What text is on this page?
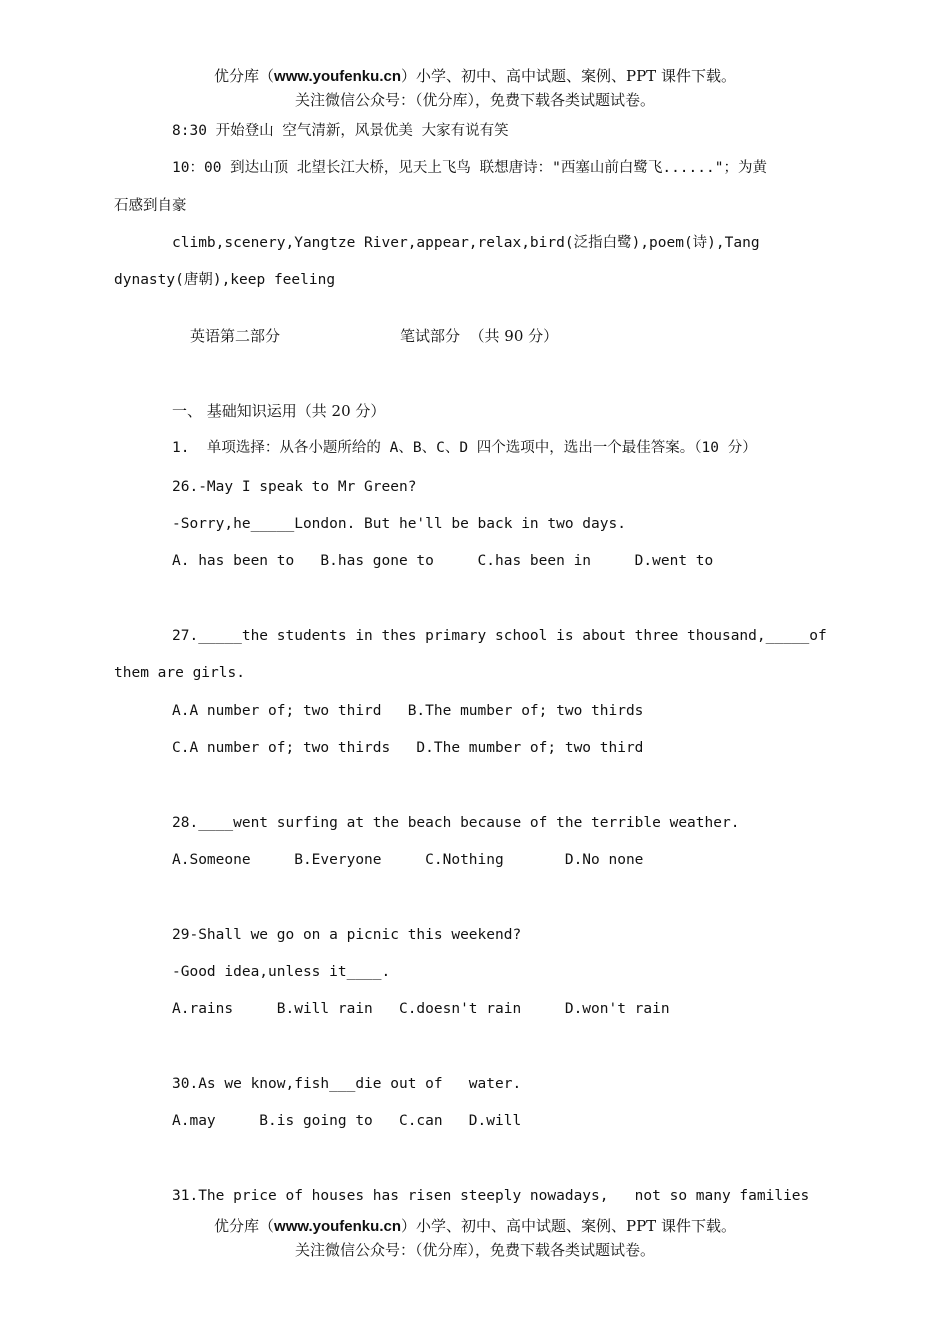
优分库（www.youfenku.cn）小学、初中、高中试题、案例、PPT 课件下载。
关注微信公众号：（优分库），免费下载各类试题试卷。
8:30 开始登山 空气清新，风景优美 大家有说有笑
10：00 到达山顶 北望长江大桥，见天上飞鸟 联想唐诗："西塞山前白鹭飞......"；为黄
石感到自豪
climb,scenery,Yangtze River,appear,relax,bird(泛指白鹭),poem(诗),Tang
dynasty(唐朝),keep feeling
英语第二部分	笔试部分  （共 90 分）
一、 基础知识运用（共 20 分）
1.  单项选择：从各小题所给的 A、B、C、D 四个选项中，选出一个最佳答案。（10 分）
26.-May I speak to Mr Green?
-Sorry,he_____London. But he'll be back in two days.
A. has been to   B.has gone to     C.has been in     D.went to
27._____the students in thes primary school is about three thousand,_____of
them are girls.
A.A number of; two third   B.The mumber of; two thirds
C.A number of; two thirds   D.The mumber of; two third
28.____went surfing at the beach because of the terrible weather.
A.Someone     B.Everyone     C.Nothing       D.No none
29-Shall we go on a picnic this weekend?
-Good idea,unless it____.
A.rains     B.will rain   C.doesn't rain     D.won't rain
30.As we know,fish___die out of   water.
A.may     B.is going to   C.can   D.will
31.The price of houses has risen steeply nowadays,   not so many families
优分库（www.youfenku.cn）小学、初中、高中试题、案例、PPT 课件下载。
关注微信公众号：（优分库），免费下载各类试题试卷。
